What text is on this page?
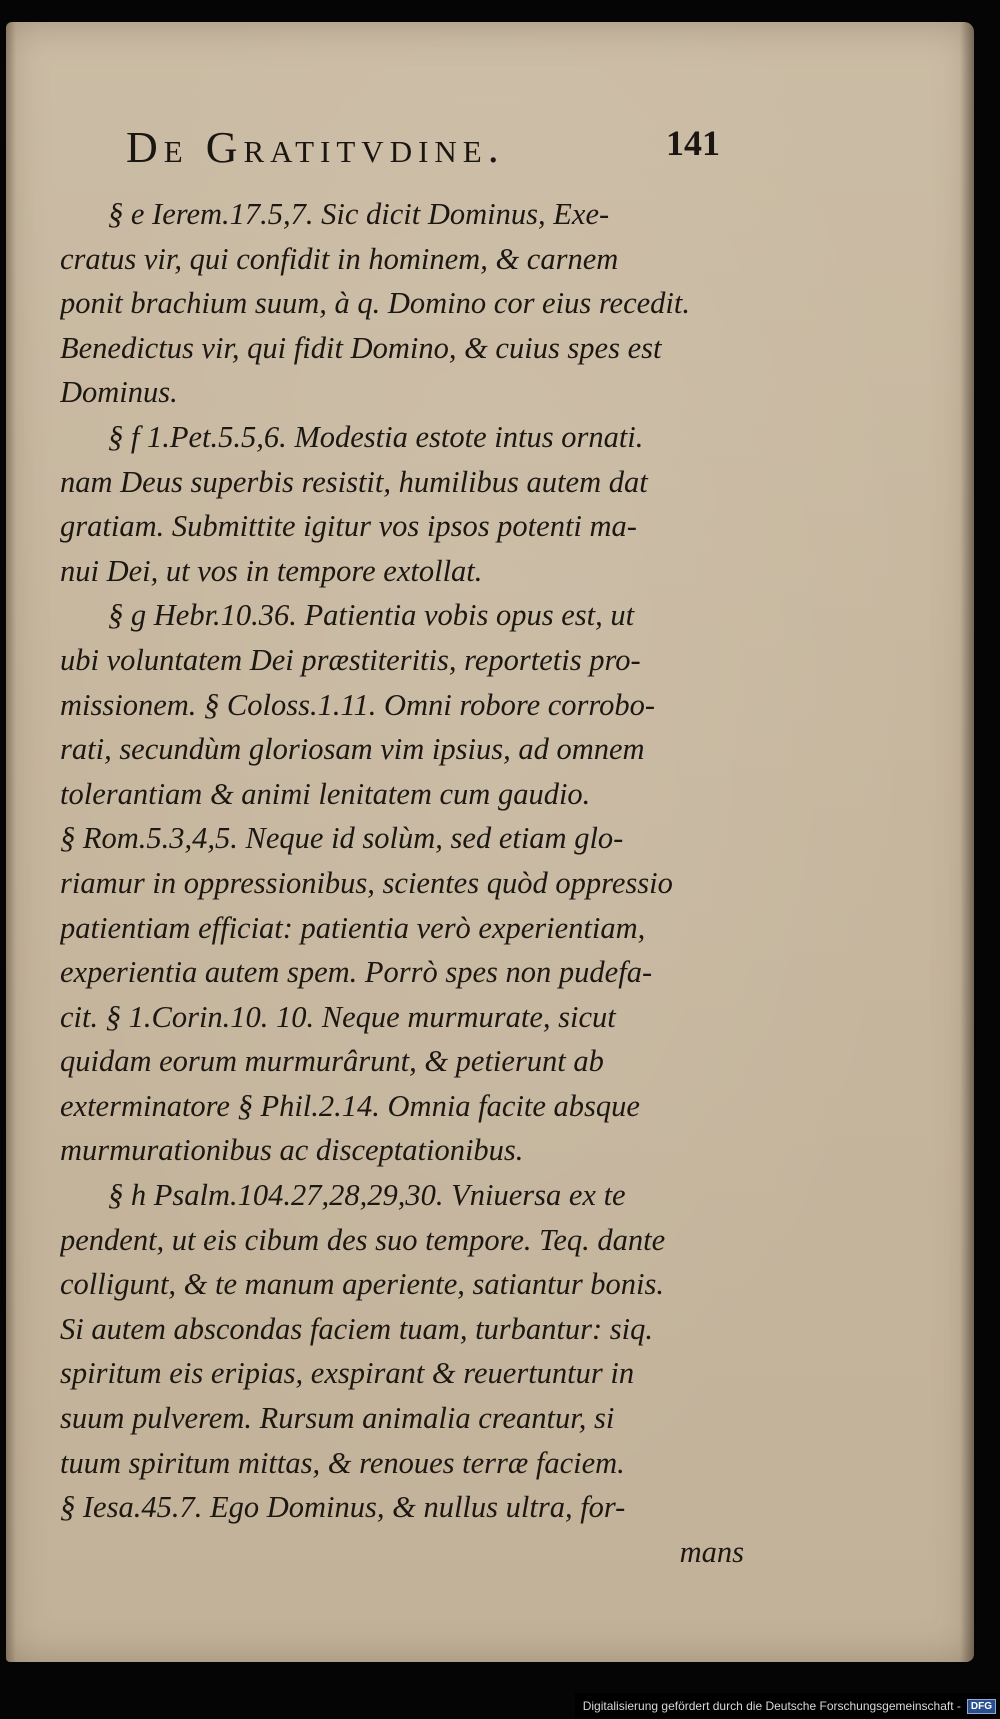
De Gratitvdine.	141
§ e Ierem.17.5,7. Sic dicit Dominus, Exe-
cratus vir, qui confidit in hominem, & carnem
ponit brachium suum, à q. Domino cor eius recedit.
Benedictus vir, qui fidit Domino, & cuius spes est
Dominus.
§ f 1.Pet.5.5,6. Modestia estote intus ornati.
nam Deus superbis resistit, humilibus autem dat
gratiam. Submittite igitur vos ipsos potenti ma-
nui Dei, ut vos in tempore extollat.
§ g Hebr.10.36. Patientia vobis opus est, ut
ubi voluntatem Dei præstiteritis, reportetis pro-
missionem. § Coloss.1.11. Omni robore corrobo-
rati, secundùm gloriosam vim ipsius, ad omnem
tolerantiam & animi lenitatem cum gaudio.
§ Rom.5.3,4,5. Neque id solùm, sed etiam glo-
riamur in oppressionibus, scientes quòd oppressio
patientiam efficiat: patientia verò experientiam,
experientia autem spem. Porrò spes non pudefa-
cit. § 1.Corin.10. 10. Neque murmurate, sicut
quidam eorum murmurârunt, & petierunt ab
exterminatore § Phil.2.14. Omnia facite absque
murmurationibus ac disceptationibus.
§ h Psalm.104.27,28,29,30. Vniuersa ex te
pendent, ut eis cibum des suo tempore. Teq. dante
colligunt, & te manum aperiente, satiantur bonis.
Si autem abscondas faciem tuam, turbantur: siq.
spiritum eis eripias, exspirant & reuertuntur in
suum pulverem. Rursum animalia creantur, si
tuum spiritum mittas, & renoues terræ faciem.
§ Iesa.45.7. Ego Dominus, & nullus ultra, for-
mans
Digitalisierung gefördert durch die Deutsche Forschungsgemeinschaft -	DFG
